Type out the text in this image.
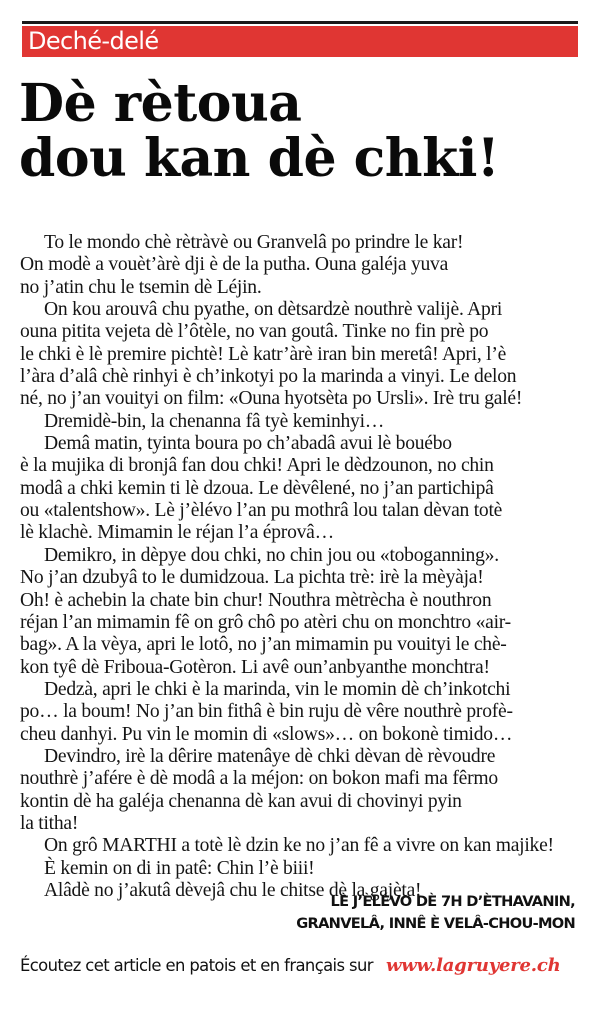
Deché-delé
Dè rètoua
dou kan dè chki!
To le mondo chè rètràvè ou Granvelâ po prindre le kar!
On modè a vouèt’àrè dji è de la putha. Ouna galéja yuva
no j’atin chu le tsemin dè Léjin.
On kou arouvâ chu pyathe, on dètsardzè nouthrè valijè. Apri
ouna pitita vejeta dè l’ôtèle, no van goutâ. Tinke no fin prè po
le chki è lè premire pichtè! Lè katr’àrè iran bin meretâ! Apri, l’è
l’àra d’alâ chè rinhyi è ch’inkotyi po la marinda a vinyi. Le delon
né, no j’an vouityi on film: «Ouna hyotsèta po Ursli». Irè tru galé!
Dremidè-bin, la chenanna fâ tyè keminhyi…
Demâ matin, tyinta boura po ch’abadâ avui lè bouébo
è la mujika di bronjâ fan dou chki! Apri le dèdzounon, no chin
modâ a chki kemin ti lè dzoua. Le dèvêlené, no j’an partichipâ
ou «talentshow». Lè j’èlévo l’an pu mothrâ lou talan dèvan totè
lè klachè. Mimamin le réjan l’a éprovâ…
Demikro, in dèpye dou chki, no chin jou ou «toboganning».
No j’an dzubyâ to le dumidzoua. La pichta trè: irè la mèyàja!
Oh! è achebin la chate bin chur! Nouthra mètrècha è nouthron
réjan l’an mimamin fê on grô chô po atèri chu on monchtro «air-
bag». A la vèya, apri le lotô, no j’an mimamin pu vouityi le chè-
kon tyê dè Friboua-Gotèron. Li avê oun’anbyanthe monchtra!
Dedzà, apri le chki è la marinda, vin le momin dè ch’inkotchi
po… la boum! No j’an bin fithâ è bin ruju dè vêre nouthrè profè-
cheu danhyi. Pu vin le momin di «slows»… on bokonè timido…
Devindro, irè la dêrire matenâye dè chki dèvan dè rèvoudre
nouthrè j’afére è dè modâ a la méjon: on bokon mafi ma fêrmo
kontin dè ha galéja chenanna dè kan avui di chovinyi pyin
la titha!
On grô MARTHI a totè lè dzin ke no j’an fê a vivre on kan majike!
È kemin on di in patê: Chin l’è biii!
Alâdè no j’akutâ dèvejâ chu le chitse dè la gajèta!
LÈ J’ÈLÉVO DÈ 7H D’ÈTHAVANIN,
GRANVELÂ, INNÊ È VELÂ-CHOU-MON
Écoutez cet article en patois et en français sur www.lagruyere.ch
